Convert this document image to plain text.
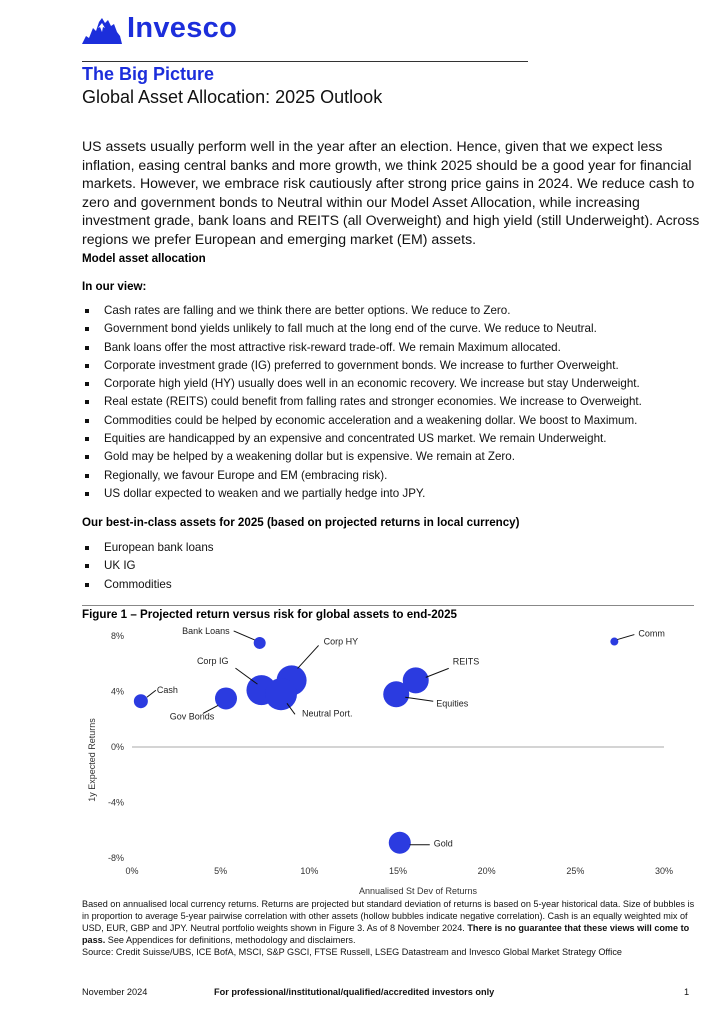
Invesco
The Big Picture
Global Asset Allocation: 2025 Outlook

US assets usually perform well in the year after an election. Hence, given that we expect less inflation, easing central banks and more growth, we think 2025 should be a good year for financial markets. However, we embrace risk cautiously after strong price gains in 2024. We reduce cash to zero and government bonds to Neutral within our Model Asset Allocation, while increasing investment grade, bank loans and REITS (all Overweight) and high yield (still Underweight). Across regions we prefer European and emerging market (EM) assets.

Model asset allocation
In our view:
Cash rates are falling and we think there are better options. We reduce to Zero.
Government bond yields unlikely to fall much at the long end of the curve. We reduce to Neutral.
Bank loans offer the most attractive risk-reward trade-off. We remain Maximum allocated.
Corporate investment grade (IG) preferred to government bonds. We increase to further Overweight.
Corporate high yield (HY) usually does well in an economic recovery. We increase but stay Underweight.
Real estate (REITS) could benefit from falling rates and stronger economies. We increase to Overweight.
Commodities could be helped by economic acceleration and a weakening dollar. We boost to Maximum.
Equities are handicapped by an expensive and concentrated US market. We remain Underweight.
Gold may be helped by a weakening dollar but is expensive. We remain at Zero.
Regionally, we favour Europe and EM (embracing risk).
US dollar expected to weaken and we partially hedge into JPY.
Our best-in-class assets for 2025 (based on projected returns in local currency)
European bank loans
UK IG
Commodities
Figure 1 – Projected return versus risk for global assets to end-2025
1y Expected Returns
Annualised St Dev of Returns
8%
4%
0%
-4%
-8%
0%	5%	10%	15%	20%	25%	30%
Cash
Gov Bonds
Bank Loans
Corp IG
Corp HY
Neutral Port.
REITS
Equities
Comm
Gold

Based on annualised local currency returns. Returns are projected but standard deviation of returns is based on 5-year historical data. Size of bubbles is in proportion to average 5-year pairwise correlation with other assets (hollow bubbles indicate negative correlation). Cash is an equally weighted mix of USD, EUR, GBP and JPY. Neutral portfolio weights shown in Figure 3. As of 8 November 2024. There is no guarantee that these views will come to pass. See Appendices for definitions, methodology and disclaimers.
Source: Credit Suisse/UBS, ICE BofA, MSCI, S&P GSCI, FTSE Russell, LSEG Datastream and Invesco Global Market Strategy Office

November 2024	For professional/institutional/qualified/accredited investors only	1
